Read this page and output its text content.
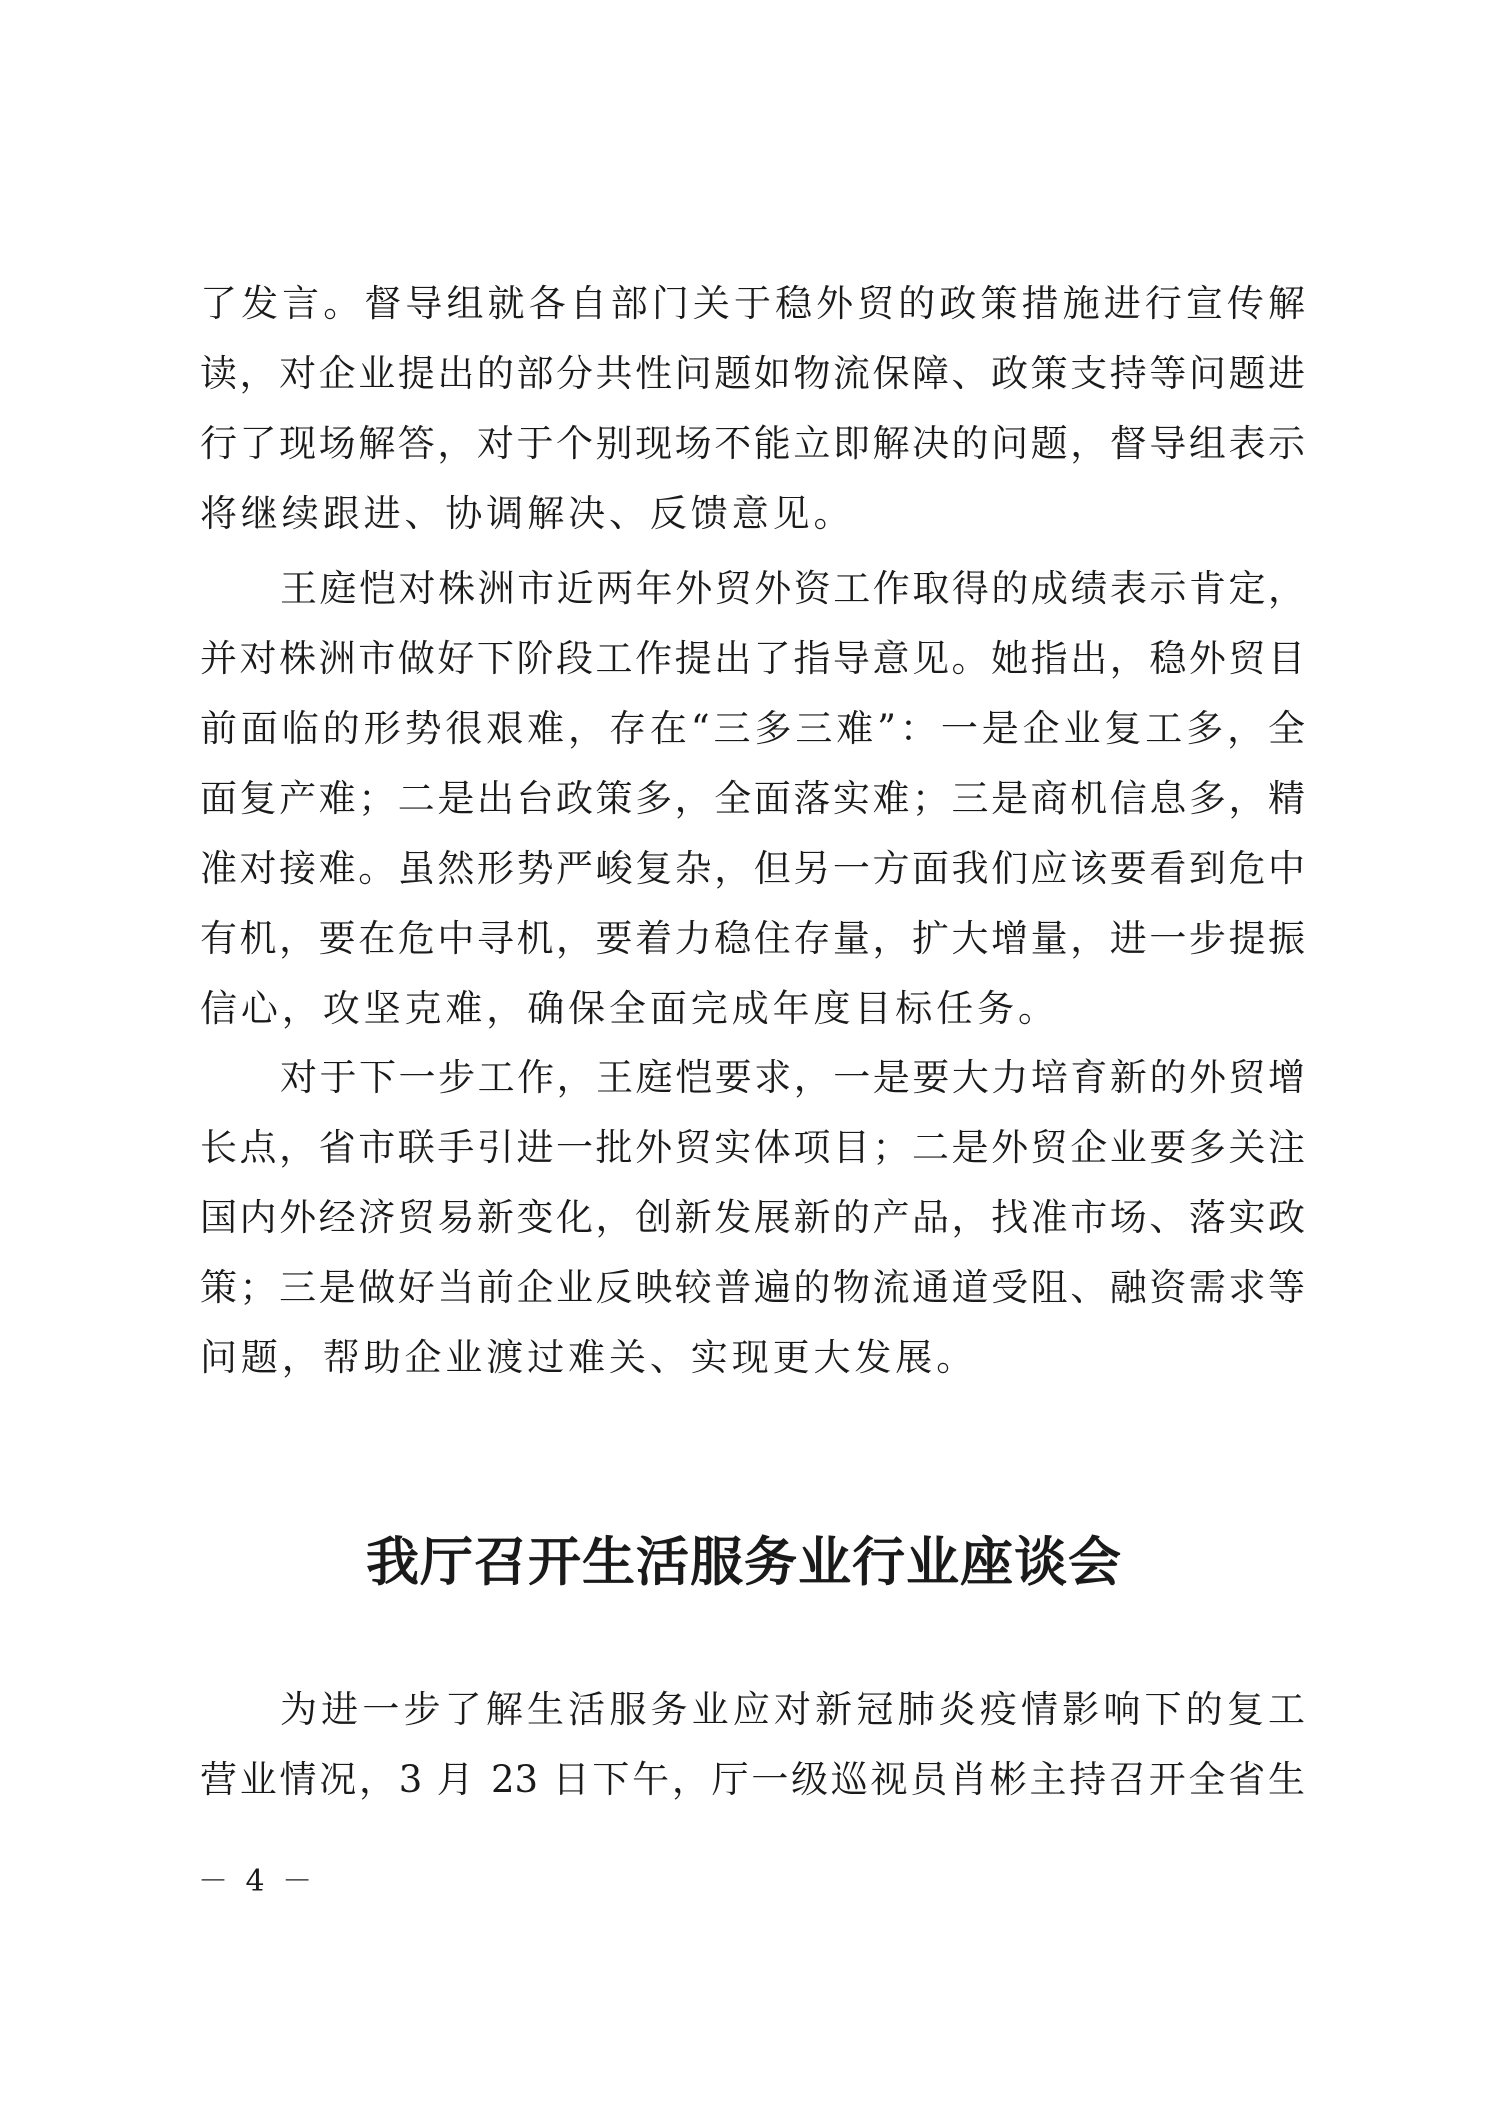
了发言。督导组就各自部门关于稳外贸的政策措施进行宣传解
读，对企业提出的部分共性问题如物流保障、政策支持等问题进
行了现场解答，对于个别现场不能立即解决的问题，督导组表示
将继续跟进、协调解决、反馈意见。
王庭恺对株洲市近两年外贸外资工作取得的成绩表示肯定，
并对株洲市做好下阶段工作提出了指导意见。她指出，稳外贸目
前面临的形势很艰难，存在“三多三难”：一是企业复工多，全
面复产难；二是出台政策多，全面落实难；三是商机信息多，精
准对接难。虽然形势严峻复杂，但另一方面我们应该要看到危中
有机，要在危中寻机，要着力稳住存量，扩大增量，进一步提振
信心，攻坚克难，确保全面完成年度目标任务。
对于下一步工作，王庭恺要求，一是要大力培育新的外贸增
长点，省市联手引进一批外贸实体项目；二是外贸企业要多关注
国内外经济贸易新变化，创新发展新的产品，找准市场、落实政
策；三是做好当前企业反映较普遍的物流通道受阻、融资需求等
问题，帮助企业渡过难关、实现更大发展。
我厅召开生活服务业行业座谈会
为进一步了解生活服务业应对新冠肺炎疫情影响下的复工
营业情况，3 月 23 日下午，厅一级巡视员肖彬主持召开全省生
－ 4 －
